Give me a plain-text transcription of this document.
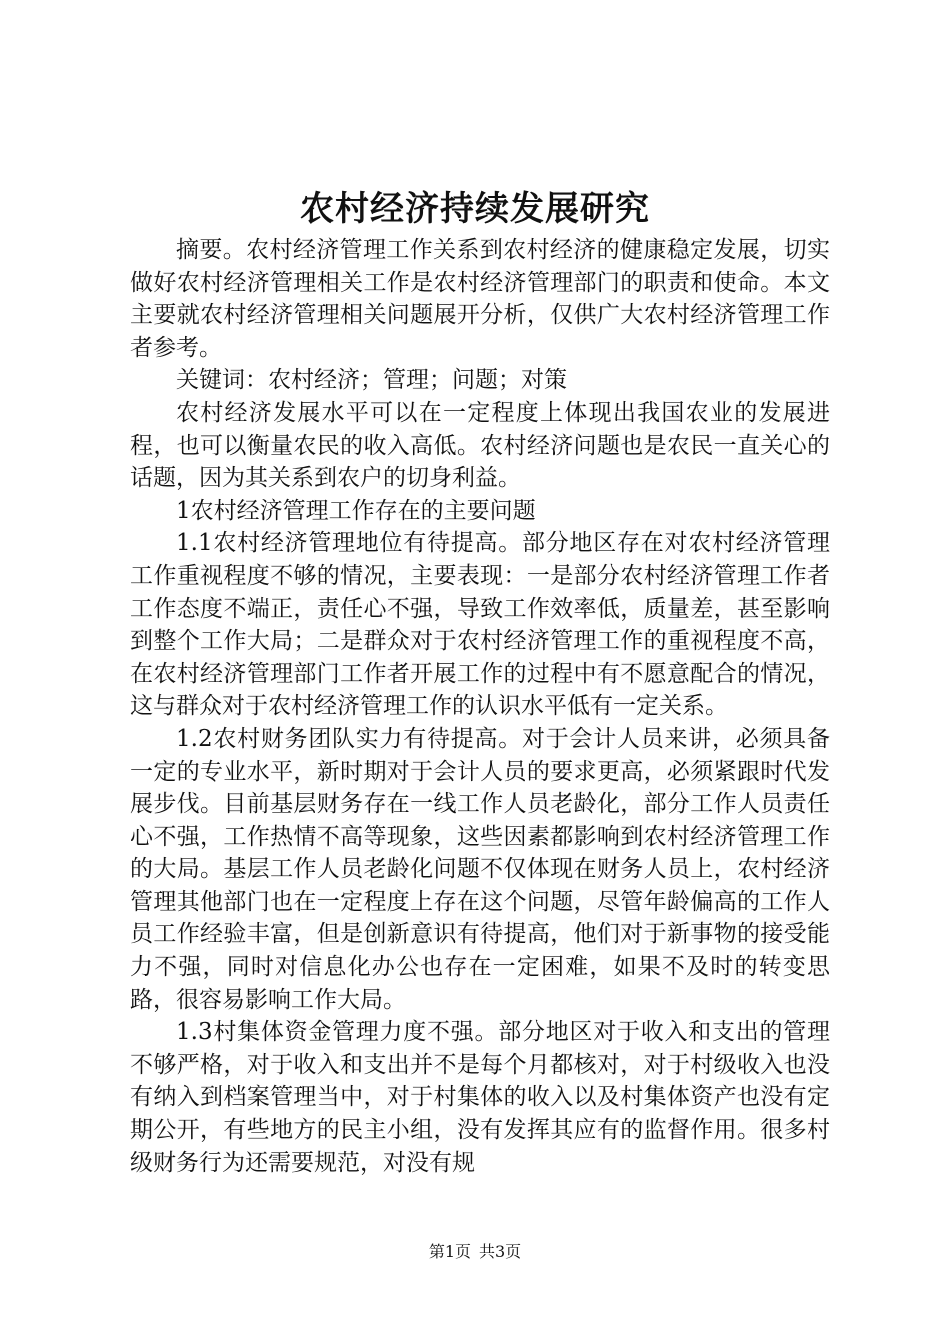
农村经济持续发展研究

摘要。农村经济管理工作关系到农村经济的健康稳定发展，切实做好农村经济管理相关工作是农村经济管理部门的职责和使命。本文主要就农村经济管理相关问题展开分析，仅供广大农村经济管理工作者参考。

关键词：农村经济；管理；问题；对策

农村经济发展水平可以在一定程度上体现出我国农业的发展进程，也可以衡量农民的收入高低。农村经济问题也是农民一直关心的话题，因为其关系到农户的切身利益。

1农村经济管理工作存在的主要问题

1.1农村经济管理地位有待提高。部分地区存在对农村经济管理工作重视程度不够的情况，主要表现：一是部分农村经济管理工作者工作态度不端正，责任心不强，导致工作效率低，质量差，甚至影响到整个工作大局；二是群众对于农村经济管理工作的重视程度不高，在农村经济管理部门工作者开展工作的过程中有不愿意配合的情况，这与群众对于农村经济管理工作的认识水平低有一定关系。

1.2农村财务团队实力有待提高。对于会计人员来讲，必须具备一定的专业水平，新时期对于会计人员的要求更高，必须紧跟时代发展步伐。目前基层财务存在一线工作人员老龄化，部分工作人员责任心不强，工作热情不高等现象，这些因素都影响到农村经济管理工作的大局。基层工作人员老龄化问题不仅体现在财务人员上，农村经济管理其他部门也在一定程度上存在这个问题，尽管年龄偏高的工作人员工作经验丰富，但是创新意识有待提高，他们对于新事物的接受能力不强，同时对信息化办公也存在一定困难，如果不及时的转变思路，很容易影响工作大局。

1.3村集体资金管理力度不强。部分地区对于收入和支出的管理不够严格，对于收入和支出并不是每个月都核对，对于村级收入也没有纳入到档案管理当中，对于村集体的收入以及村集体资产也没有定期公开，有些地方的民主小组，没有发挥其应有的监督作用。很多村级财务行为还需要规范，对没有规

第1页 共3页
